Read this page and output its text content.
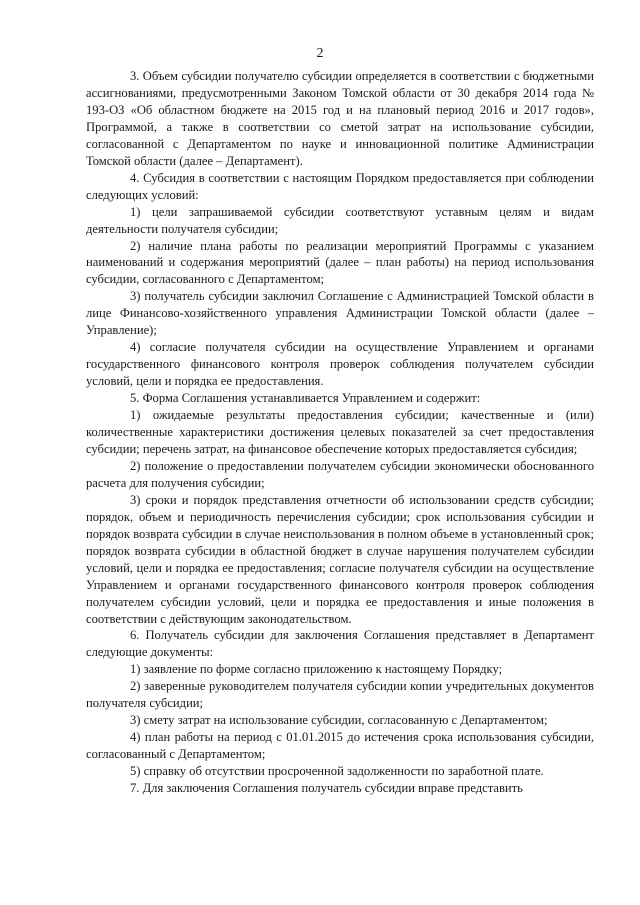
2

3. Объем субсидии получателю субсидии определяется в соответствии с бюджетными ассигнованиями, предусмотренными Законом Томской области от 30 декабря 2014 года № 193-ОЗ «Об областном бюджете на 2015 год и на плановый период 2016 и 2017 годов», Программой, а также в соответствии со сметой затрат на использование субсидии, согласованной с Департаментом по науке и инновационной политике Администрации Томской области (далее – Департамент).

4. Субсидия в соответствии с настоящим Порядком предоставляется при соблюдении следующих условий:

1) цели запрашиваемой субсидии соответствуют уставным целям и видам деятельности получателя субсидии;

2) наличие плана работы по реализации мероприятий Программы с указанием наименований и содержания мероприятий (далее – план работы) на период использования субсидии, согласованного с Департаментом;

3) получатель субсидии заключил Соглашение с Администрацией Томской области в лице Финансово-хозяйственного управления Администрации Томской области (далее – Управление);

4) согласие получателя субсидии на осуществление Управлением и органами государственного финансового контроля проверок соблюдения получателем субсидии условий, цели и порядка ее предоставления.

5. Форма Соглашения устанавливается Управлением и содержит:

1) ожидаемые результаты предоставления субсидии; качественные и (или) количественные характеристики достижения целевых показателей за счет предоставления субсидии; перечень затрат, на финансовое обеспечение которых предоставляется субсидия;

2) положение о предоставлении получателем субсидии экономически обоснованного расчета для получения субсидии;

3) сроки и порядок представления отчетности об использовании средств субсидии; порядок, объем и периодичность перечисления субсидии; срок использования субсидии и порядок возврата субсидии в случае неиспользования в полном объеме в установленный срок; порядок возврата субсидии в областной бюджет в случае нарушения получателем субсидии условий, цели и порядка ее предоставления; согласие получателя субсидии на осуществление Управлением и органами государственного финансового контроля проверок соблюдения получателем субсидии условий, цели и порядка ее предоставления и иные положения в соответствии с действующим законодательством.

6. Получатель субсидии для заключения Соглашения представляет в Департамент следующие документы:

1) заявление по форме согласно приложению к настоящему Порядку;

2) заверенные руководителем получателя субсидии копии учредительных документов получателя субсидии;

3) смету затрат на использование субсидии, согласованную с Департаментом;

4) план работы на период с 01.01.2015 до истечения срока использования субсидии, согласованный с Департаментом;

5) справку об отсутствии просроченной задолженности по заработной плате.

7. Для заключения Соглашения получатель субсидии вправе представить
